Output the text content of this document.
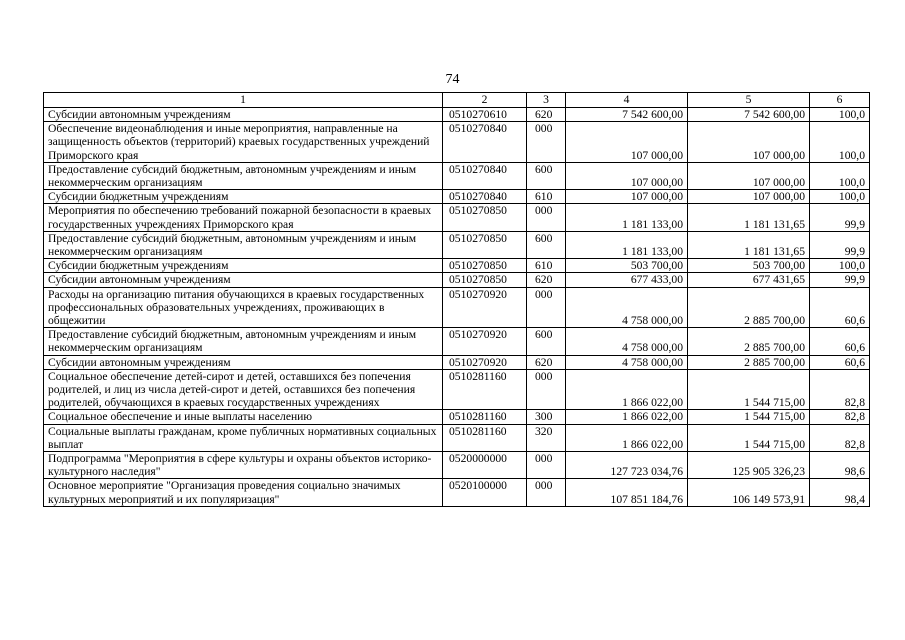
74
1	2	3	4	5	6
Субсидии автономным учреждениям	0510270610	620	7 542 600,00	7 542 600,00	100,0
Обеспечение видеонаблюдения и иные мероприятия, направленные на защищенность объектов (территорий) краевых государственных учреждений Приморского края	0510270840	000	107 000,00	107 000,00	100,0
Предоставление субсидий бюджетным, автономным учреждениям и иным некоммерческим организациям	0510270840	600	107 000,00	107 000,00	100,0
Субсидии бюджетным учреждениям	0510270840	610	107 000,00	107 000,00	100,0
Мероприятия по обеспечению требований пожарной безопасности в краевых государственных учреждениях Приморского края	0510270850	000	1 181 133,00	1 181 131,65	99,9
Предоставление субсидий бюджетным, автономным учреждениям и иным некоммерческим организациям	0510270850	600	1 181 133,00	1 181 131,65	99,9
Субсидии бюджетным учреждениям	0510270850	610	503 700,00	503 700,00	100,0
Субсидии автономным учреждениям	0510270850	620	677 433,00	677 431,65	99,9
Расходы на организацию питания обучающихся в краевых государственных профессиональных образовательных учреждениях, проживающих в общежитии	0510270920	000	4 758 000,00	2 885 700,00	60,6
Предоставление субсидий бюджетным, автономным учреждениям и иным некоммерческим организациям	0510270920	600	4 758 000,00	2 885 700,00	60,6
Субсидии автономным учреждениям	0510270920	620	4 758 000,00	2 885 700,00	60,6
Социальное обеспечение детей-сирот и детей, оставшихся без попечения родителей, и лиц из числа детей-сирот и детей, оставшихся без попечения родителей, обучающихся в краевых государственных учреждениях	0510281160	000	1 866 022,00	1 544 715,00	82,8
Социальное обеспечение и иные выплаты населению	0510281160	300	1 866 022,00	1 544 715,00	82,8
Социальные выплаты гражданам, кроме публичных нормативных социальных выплат	0510281160	320	1 866 022,00	1 544 715,00	82,8
Подпрограмма "Мероприятия в сфере культуры и охраны объектов историко-культурного наследия"	0520000000	000	127 723 034,76	125 905 326,23	98,6
Основное мероприятие "Организация проведения социально значимых культурных мероприятий и их популяризация"	0520100000	000	107 851 184,76	106 149 573,91	98,4
